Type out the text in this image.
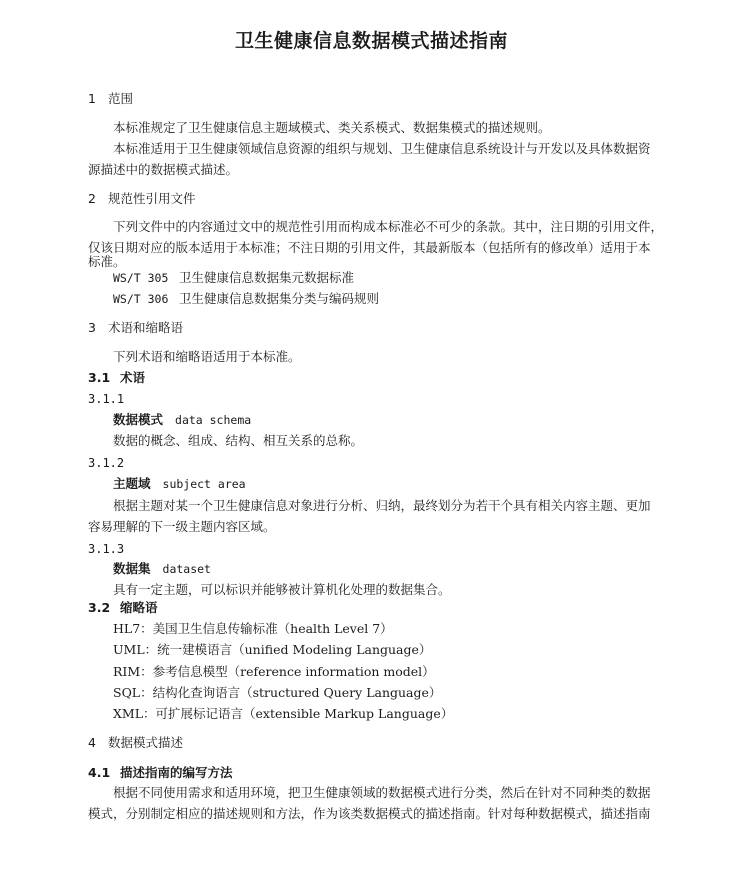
卫生健康信息数据模式描述指南
1 范围
本标准规定了卫生健康信息主题域模式、类关系模式、数据集模式的描述规则。
本标准适用于卫生健康领域信息资源的组织与规划、卫生健康信息系统设计与开发以及具体数据资
源描述中的数据模式描述。
2 规范性引用文件
下列文件中的内容通过文中的规范性引用而构成本标准必不可少的条款。其中，注日期的引用文件，
仅该日期对应的版本适用于本标准；不注日期的引用文件，其最新版本（包括所有的修改单）适用于本
标准。
WS/T 305 卫生健康信息数据集元数据标准
WS/T 306 卫生健康信息数据集分类与编码规则
3 术语和缩略语
下列术语和缩略语适用于本标准。
3.1 术语
3.1.1
数据模式 data schema
数据的概念、组成、结构、相互关系的总称。
3.1.2
主题域 subject area
根据主题对某一个卫生健康信息对象进行分析、归纳，最终划分为若干个具有相关内容主题、更加
容易理解的下一级主题内容区域。
3.1.3
数据集 dataset
具有一定主题，可以标识并能够被计算机化处理的数据集合。
3.2 缩略语
HL7：美国卫生信息传输标准（health Level 7）
UML：统一建模语言（unified Modeling Language）
RIM：参考信息模型（reference information model）
SQL：结构化查询语言（structured Query Language）
XML：可扩展标记语言（extensible Markup Language）
4 数据模式描述
4.1 描述指南的编写方法
根据不同使用需求和适用环境，把卫生健康领域的数据模式进行分类，然后在针对不同种类的数据
模式，分别制定相应的描述规则和方法，作为该类数据模式的描述指南。针对每种数据模式，描述指南
